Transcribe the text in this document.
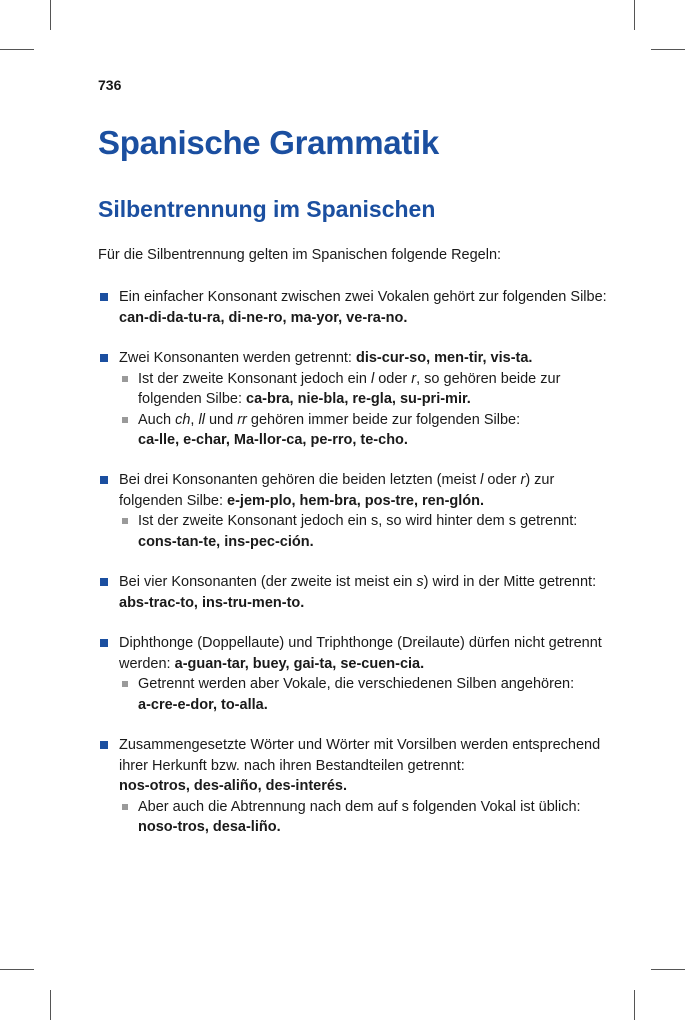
736
Spanische Grammatik
Silbentrennung im Spanischen

Für die Silbentrennung gelten im Spanischen folgende Regeln:

Ein einfacher Konsonant zwischen zwei Vokalen gehört zur folgenden Silbe: can-di-da-tu-ra, di-ne-ro, ma-yor, ve-ra-no.
Zwei Konsonanten werden getrennt: dis-cur-so, men-tir, vis-ta.
Ist der zweite Konsonant jedoch ein l oder r, so gehören beide zur folgenden Silbe: ca-bra, nie-bla, re-gla, su-pri-mir.
Auch ch, ll und rr gehören immer beide zur folgenden Silbe:
ca-lle, e-char, Ma-llor-ca, pe-rro, te-cho.
Bei drei Konsonanten gehören die beiden letzten (meist l oder r) zur folgenden Silbe: e-jem-plo, hem-bra, pos-tre, ren-glón.
Ist der zweite Konsonant jedoch ein s, so wird hinter dem s getrennt:
cons-tan-te, ins-pec-ción.
Bei vier Konsonanten (der zweite ist meist ein s) wird in der Mitte getrennt: abs-trac-to, ins-tru-men-to.
Diphthonge (Doppellaute) und Triphthonge (Dreilaute) dürfen nicht getrennt werden: a-guan-tar, buey, gai-ta, se-cuen-cia.
Getrennt werden aber Vokale, die verschiedenen Silben angehören:
a-cre-e-dor, to-alla.
Zusammengesetzte Wörter und Wörter mit Vorsilben werden entsprechend ihrer Herkunft bzw. nach ihren Bestandteilen getrennt:
nos-otros, des-aliño, des-interés.
Aber auch die Abtrennung nach dem auf s folgenden Vokal ist üblich:
noso-tros, desa-liño.
